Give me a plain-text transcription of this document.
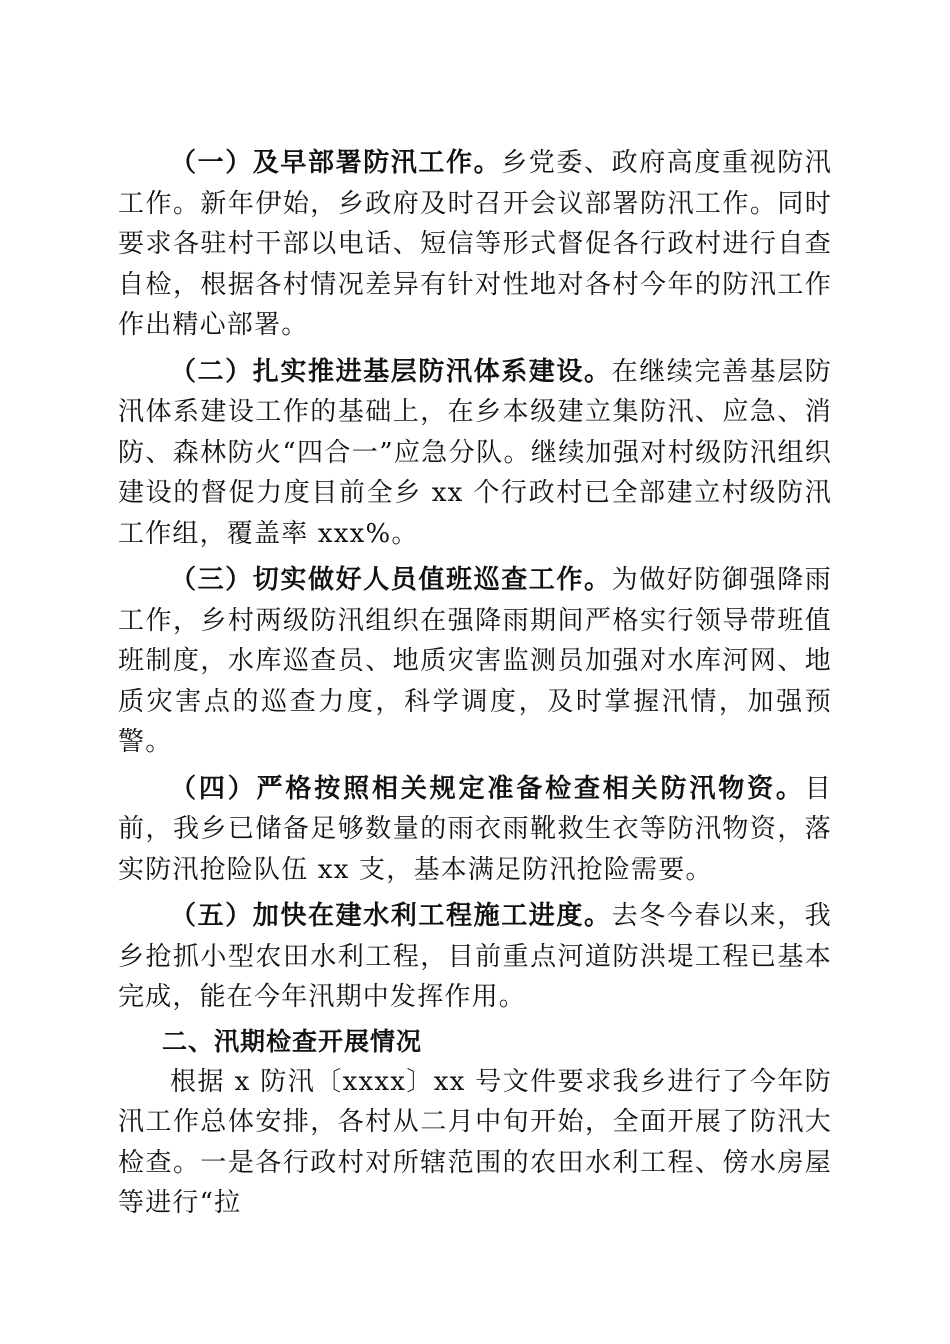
（一）及早部署防汛工作。乡党委、政府高度重视防汛工作。新年伊始，乡政府及时召开会议部署防汛工作。同时要求各驻村干部以电话、短信等形式督促各行政村进行自查自检，根据各村情况差异有针对性地对各村今年的防汛工作作出精心部署。

（二）扎实推进基层防汛体系建设。在继续完善基层防汛体系建设工作的基础上，在乡本级建立集防汛、应急、消防、森林防火“四合一”应急分队。继续加强对村级防汛组织建设的督促力度目前全乡 xx 个行政村已全部建立村级防汛工作组，覆盖率 xxx%。

（三）切实做好人员值班巡查工作。为做好防御强降雨工作，乡村两级防汛组织在强降雨期间严格实行领导带班值班制度，水库巡查员、地质灾害监测员加强对水库河网、地质灾害点的巡查力度，科学调度，及时掌握汛情，加强预警。

（四）严格按照相关规定准备检查相关防汛物资。目前，我乡已储备足够数量的雨衣雨靴救生衣等防汛物资，落实防汛抢险队伍 xx 支，基本满足防汛抢险需要。

（五）加快在建水利工程施工进度。去冬今春以来，我乡抢抓小型农田水利工程，目前重点河道防洪堤工程已基本完成，能在今年汛期中发挥作用。

二、汛期检查开展情况

根据 x 防汛〔xxxx〕xx 号文件要求我乡进行了今年防汛工作总体安排，各村从二月中旬开始，全面开展了防汛大检查。一是各行政村对所辖范围的农田水利工程、傍水房屋等进行“拉
